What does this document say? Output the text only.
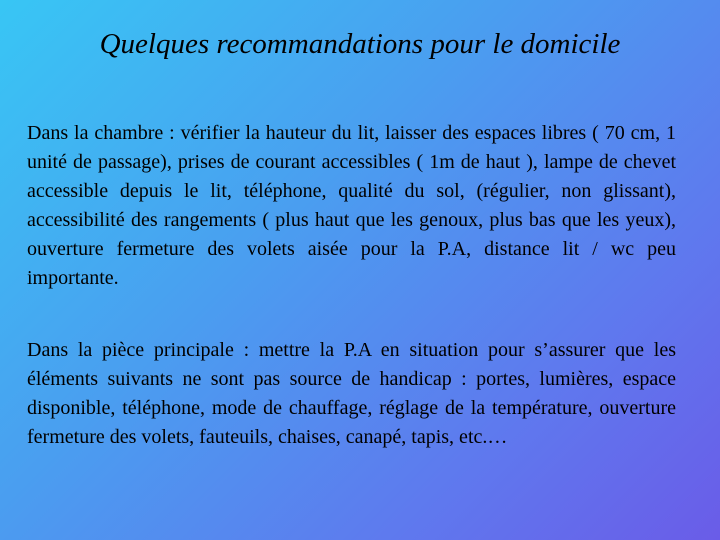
Quelques recommandations pour le domicile

Dans la chambre : vérifier la hauteur du lit, laisser des espaces libres ( 70 cm, 1 unité de passage), prises de courant accessibles ( 1m de haut ), lampe de chevet accessible depuis le lit, téléphone, qualité du sol, (régulier, non glissant), accessibilité des rangements ( plus haut que les genoux, plus bas que les yeux), ouverture fermeture des volets aisée pour la P.A, distance lit / wc peu importante.

Dans la pièce principale : mettre la P.A en situation pour s’assurer que les éléments suivants ne sont pas source de handicap : portes, lumières, espace disponible, téléphone, mode de chauffage, réglage de la température, ouverture fermeture des volets, fauteuils, chaises, canapé, tapis, etc.…
